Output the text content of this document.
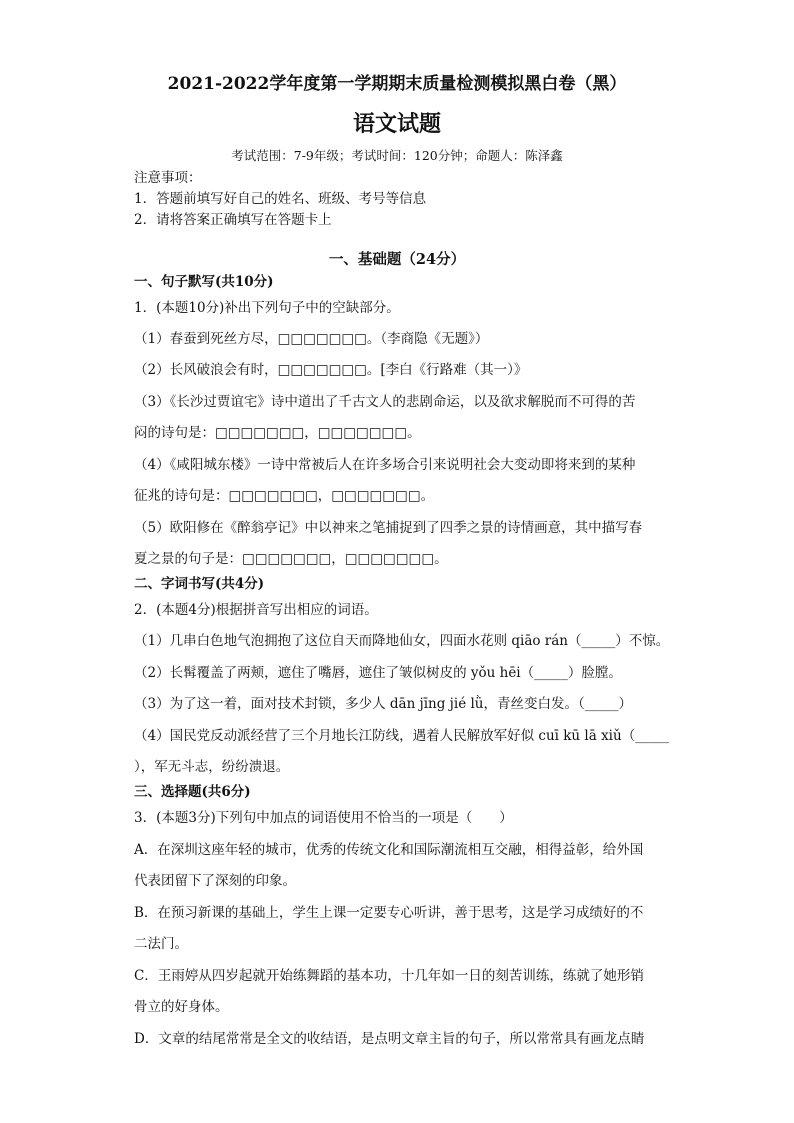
2021-2022学年度第一学期期末质量检测模拟黑白卷（黑）
语文试题
考试范围：7-9年级；考试时间：120分钟；命题人：陈泽鑫
注意事项：
1．答题前填写好自己的姓名、班级、考号等信息
2．请将答案正确填写在答题卡上
一、基础题（24分）
一、句子默写(共10分)
1．(本题10分)补出下列句子中的空缺部分。
（1）春蚕到死丝方尽，□□□□□□□。（李商隐《无题》）
（2）长风破浪会有时，□□□□□□□。[李白《行路难（其一）》
（3）《长沙过贾谊宅》诗中道出了千古文人的悲剧命运，以及欲求解脱而不可得的苦
闷的诗句是：□□□□□□□，□□□□□□□。
（4）《咸阳城东楼》一诗中常被后人在许多场合引来说明社会大变动即将来到的某种
征兆的诗句是：□□□□□□□，□□□□□□□。
（5）欧阳修在《醉翁亭记》中以神来之笔捕捉到了四季之景的诗情画意，其中描写春
夏之景的句子是：□□□□□□□，□□□□□□□。
二、字词书写(共4分)
2．(本题4分)根据拼音写出相应的词语。
（1）几串白色地气泡拥抱了这位自天而降地仙女，四面水花则 qiāo rán（_____）不惊。
（2）长髯覆盖了两颊，遮住了嘴唇，遮住了皱似树皮的 yǒu hēi（_____）脸膛。
（3）为了这一着，面对技术封锁，多少人 dān jīng jié lǜ，青丝变白发。（_____）
（4）国民党反动派经营了三个月地长江防线，遇着人民解放军好似 cuī kū lā xiǔ（_____
），军无斗志，纷纷溃退。
三、选择题(共6分)
3．(本题3分)下列句中加点的词语使用不恰当的一项是（　　）
A．在深圳这座年轻的城市，优秀的传统文化和国际潮流相互交融，相得益彰，给外国
代表团留下了深刻的印象。
B．在预习新课的基础上，学生上课一定要专心听讲，善于思考，这是学习成绩好的不
二法门。
C．王雨婷从四岁起就开始练舞蹈的基本功，十几年如一日的刻苦训练，练就了她形销
骨立的好身体。
D．文章的结尾常常是全文的收结语，是点明文章主旨的句子，所以常常具有画龙点睛
